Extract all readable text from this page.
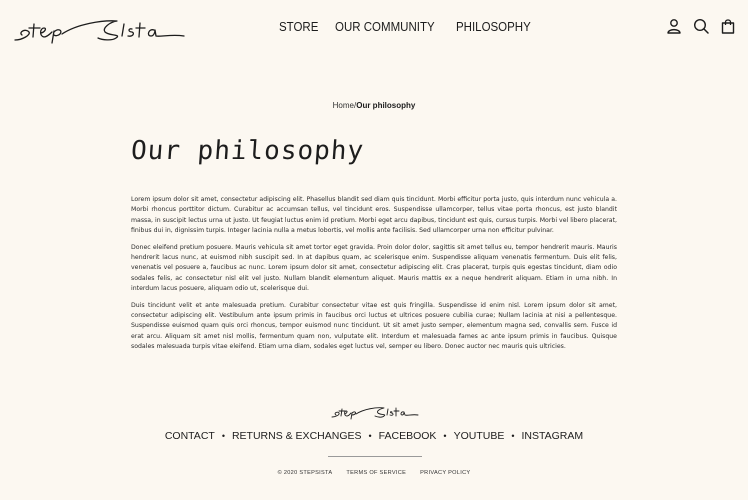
stepSista
STORE OUR COMMUNITY PHILOSOPHY
Home/Our philosophy
Our philosophy

Lorem ipsum dolor sit amet, consectetur adipiscing elit. Phasellus blandit sed diam quis tincidunt. Morbi efficitur porta justo, quis interdum nunc vehicula a. Morbi rhoncus porttitor dictum. Curabitur ac accumsan tellus, vel tincidunt eros. Suspendisse ullamcorper, tellus vitae porta rhoncus, est justo blandit massa, in suscipit lectus urna ut justo. Ut feugiat luctus enim id pretium. Morbi eget arcu dapibus, tincidunt est quis, cursus turpis. Morbi vel libero placerat, finibus dui in, dignissim turpis. Integer lacinia nulla a metus lobortis, vel mollis ante facilisis. Sed ullamcorper urna non efficitur pulvinar.

Donec eleifend pretium posuere. Mauris vehicula sit amet tortor eget gravida. Proin dolor dolor, sagittis sit amet tellus eu, tempor hendrerit mauris. Mauris hendrerit lacus nunc, at euismod nibh suscipit sed. In at dapibus quam, ac scelerisque enim. Suspendisse aliquam venenatis fermentum. Duis elit felis, venenatis vel posuere a, faucibus ac nunc. Lorem ipsum dolor sit amet, consectetur adipiscing elit. Cras placerat, turpis quis egestas tincidunt, diam odio sodales felis, ac consectetur nisl elit vel justo. Nullam blandit elementum aliquet. Mauris mattis ex a neque hendrerit aliquam. Etiam in urna nibh. In interdum lacus posuere, aliquam odio ut, scelerisque dui.

Duis tincidunt velit et ante malesuada pretium. Curabitur consectetur vitae est quis fringilla. Suspendisse id enim nisl. Lorem ipsum dolor sit amet, consectetur adipiscing elit. Vestibulum ante ipsum primis in faucibus orci luctus et ultrices posuere cubilia curae; Nullam lacinia at nisi a pellentesque. Suspendisse euismod quam quis orci rhoncus, tempor euismod nunc tincidunt. Ut sit amet justo semper, elementum magna sed, convallis sem. Fusce id erat arcu. Aliquam sit amet nisl mollis, fermentum quam non, vulputate elit. Interdum et malesuada fames ac ante ipsum primis in faucibus. Quisque sodales malesuada turpis vitae eleifend. Etiam urna diam, sodales eget luctus vel, semper eu libero. Donec auctor nec mauris quis ultricies.

stepSista
CONTACT • RETURNS & EXCHANGES • FACEBOOK • YOUTUBE • INSTAGRAM
© 2020 STEPSISTA	TERMS OF SERVICE	PRIVACY POLICY
